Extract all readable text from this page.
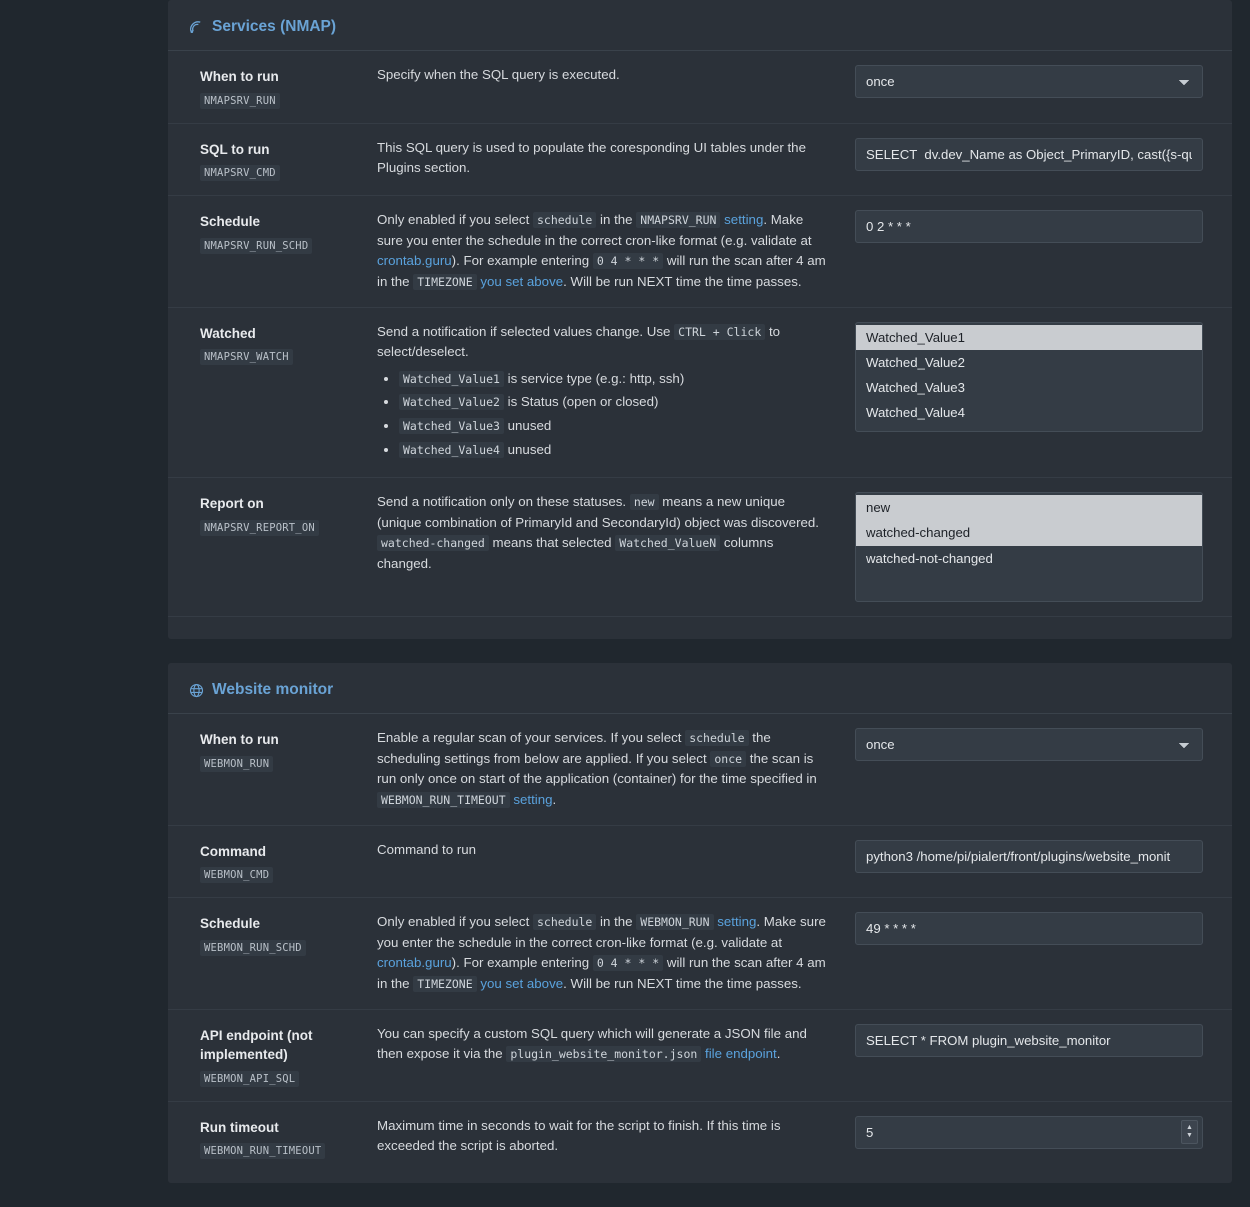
Services (NMAP)
When to run
NMAPSRV_RUN
Specify when the SQL query is executed.
once
SQL to run
NMAPSRV_CMD
This SQL query is used to populate the coresponding UI tables under the Plugins section.
SELECT dv.dev_Name as Object_PrimaryID, cast({s-quo
Schedule
NMAPSRV_RUN_SCHD
Only enabled if you select schedule in the NMAPSRV_RUN setting. Make sure you enter the schedule in the correct cron-like format (e.g. validate at crontab.guru). For example entering 0 4 * * * will run the scan after 4 am in the TIMEZONE you set above. Will be run NEXT time the time passes.
0 2 * * *
Watched
NMAPSRV_WATCH
Send a notification if selected values change. Use CTRL + Click to select/deselect.
• Watched_Value1 is service type (e.g.: http, ssh)
• Watched_Value2 is Status (open or closed)
• Watched_Value3 unused
• Watched_Value4 unused
Watched_Value1
Watched_Value2
Watched_Value3
Watched_Value4
Report on
NMAPSRV_REPORT_ON
Send a notification only on these statuses. new means a new unique (unique combination of PrimaryId and SecondaryId) object was discovered. watched-changed means that selected Watched_ValueN columns changed.
new
watched-changed
watched-not-changed
Website monitor
When to run
WEBMON_RUN
Enable a regular scan of your services. If you select schedule the scheduling settings from below are applied. If you select once the scan is run only once on start of the application (container) for the time specified in WEBMON_RUN_TIMEOUT setting.
once
Command
WEBMON_CMD
Command to run
python3 /home/pi/pialert/front/plugins/website_monit
Schedule
WEBMON_RUN_SCHD
Only enabled if you select schedule in the WEBMON_RUN setting. Make sure you enter the schedule in the correct cron-like format (e.g. validate at crontab.guru). For example entering 0 4 * * * will run the scan after 4 am in the TIMEZONE you set above. Will be run NEXT time the time passes.
49 * * * *
API endpoint (not implemented)
WEBMON_API_SQL
You can specify a custom SQL query which will generate a JSON file and then expose it via the plugin_website_monitor.json file endpoint.
SELECT * FROM plugin_website_monitor
Run timeout
WEBMON_RUN_TIMEOUT
Maximum time in seconds to wait for the script to finish. If this time is exceeded the script is aborted.
5
▲
▼
